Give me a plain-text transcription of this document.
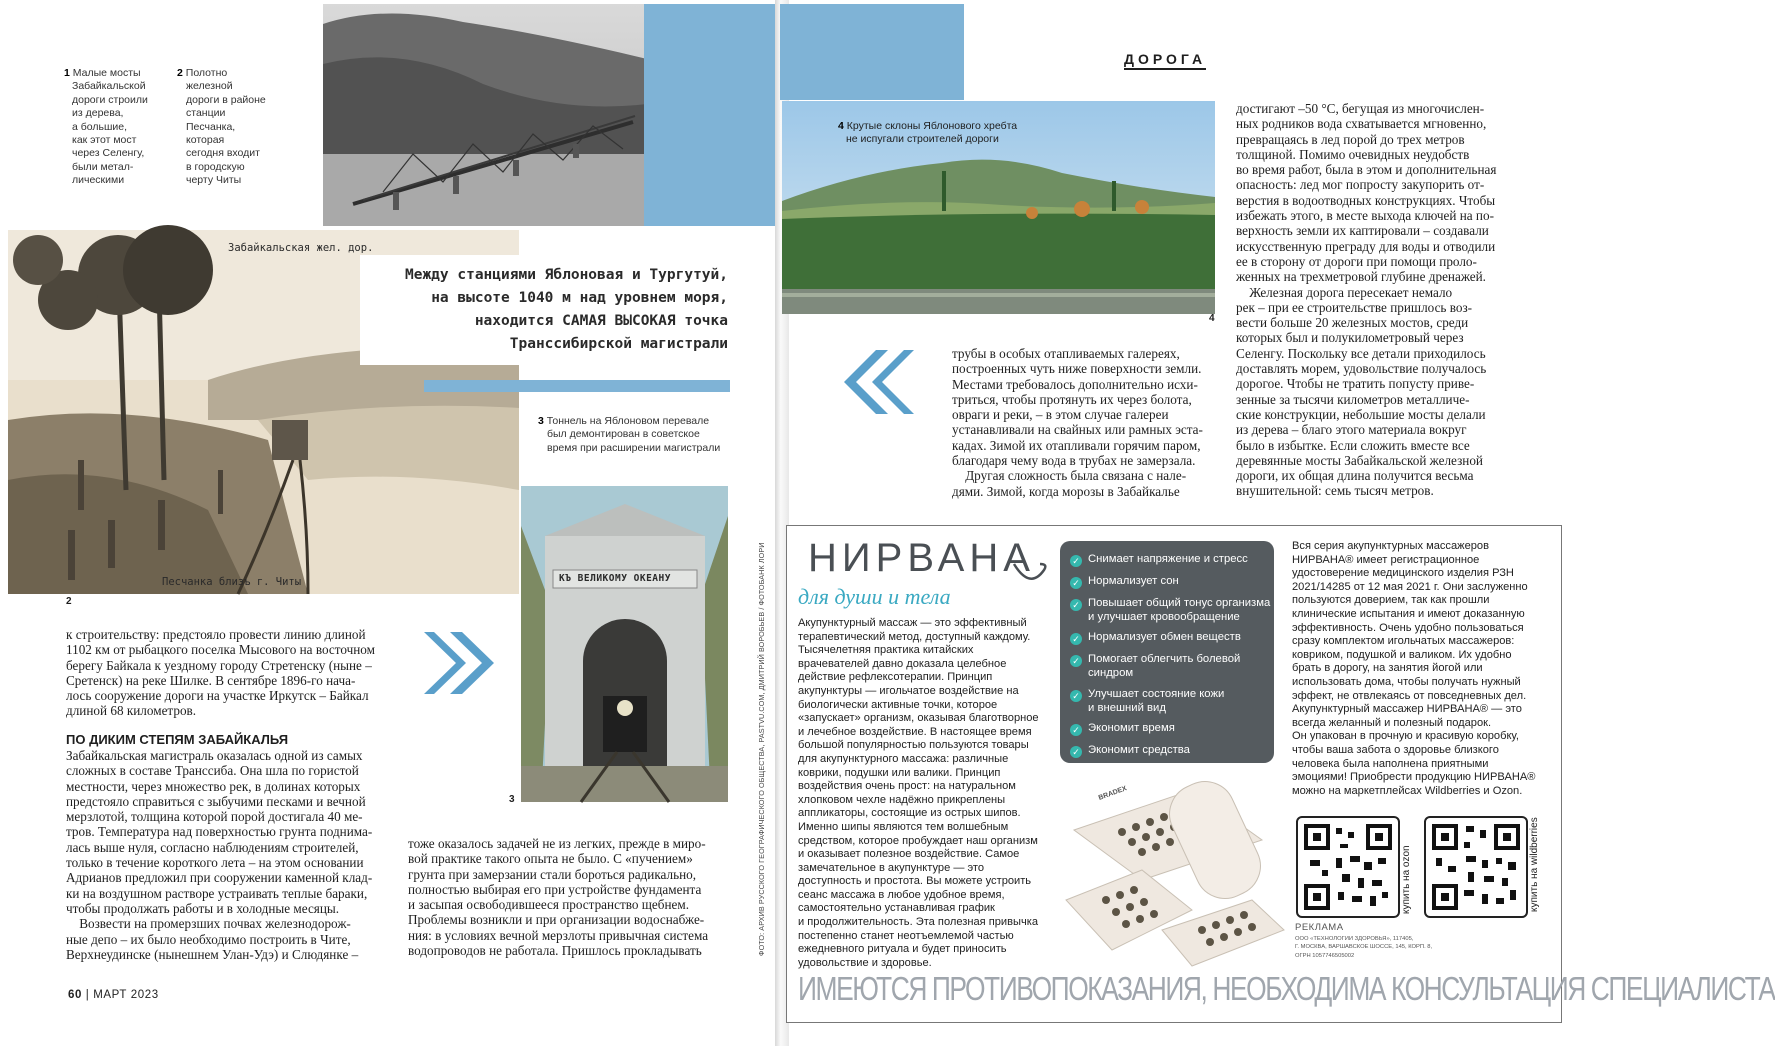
1 Малые мосты

Забайкальской

дороги строили

из дерева,

а большие,

как этот мост

через Селенгу,

были метал-

лическими

2 Полотно

железной

дороги в районе

станции

Песчанка,

которая

сегодня входит

в городскую

черту Читы

Забайкальская жел. дор.
Песчанка близъ г. Читы
2

Между станциями Яблоновая и Тургутуй,

на высоте 1040 м над уровнем моря,

находится САМАЯ ВЫСОКАЯ точка

Транссибирской магистрали

3 Тоннель на Яблоновом перевале

был демонтирован в советское

время при расширении магистрали

КЪ ВЕЛИКОМУ ОКЕАНУ
3	ФОТО: АРХИВ РУССКОГО ГЕОГРАФИЧЕСКОГО ОБЩЕСТВА, PASTVU.COM, ДМИТРИЙ ВОРОБЬЕВ / ФОТОБАНК ЛОРИ

к строительству: предстояло провести линию длиной

1102 км от рыбацкого поселка Мысового на восточном

берегу Байкала к уездному городу Стретенску (ныне –

Сретенск) на реке Шилке. В сентябре 1896-го нача-

лось сооружение дороги на участке Иркутск – Байкал

длиной 68 километров.

ПО ДИКИМ СТЕПЯМ ЗАБАЙКАЛЬЯ

Забайкальская магистраль оказалась одной из самых

сложных в составе Транссиба. Она шла по гористой

местности, через множество рек, в долинах которых

предстояло справиться с зыбучими песками и вечной

мерзлотой, толщина которой порой достигала 40 ме-

тров. Температура над поверхностью грунта поднима-

лась выше нуля, согласно наблюдениям строителей,

только в течение короткого лета – на этом основании

Адрианов предложил при сооружении каменной клад-

ки на воздушном растворе устраивать теплые бараки,

чтобы продолжать работы и в холодные месяцы.

Возвести на промерзших почвах железнодорож-

ные депо – их было необходимо построить в Чите,

Верхнеудинске (нынешнем Улан-Удэ) и Слюдянке –

тоже оказалось задачей не из легких, прежде в миро-

вой практике такого опыта не было. С «пучением»

грунта при замерзании стали бороться радикально,

полностью выбирая его при устройстве фундамента

и засыпая освободившееся пространство щебнем.

Проблемы возникли и при организации водоснабже-

ния: в условиях вечной мерзлоты привычная система

водопроводов не работала. Пришлось прокладывать

60 | МАРТ 2023
ДОРОГА
4

4 Крутые склоны Яблонового хребта

не испугали строителей дороги

трубы в особых отапливаемых галереях,

построенных чуть ниже поверхности земли.

Местами требовалось дополнительно исхи-

триться, чтобы протянуть их через болота,

овраги и реки, – в этом случае галереи

устанавливали на свайных или рамных эста-

кадах. Зимой их отапливали горячим паром,

благодаря чему вода в трубах не замерзала.

Другая сложность была связана с нале-

дями. Зимой, когда морозы в Забайкалье

достигают –50 °С, бегущая из многочислен-

ных родников вода схватывается мгновенно,

превращаясь в лед порой до трех метров

толщиной. Помимо очевидных неудобств

во время работ, была в этом и дополнительная

опасность: лед мог попросту закупорить от-

верстия в водоотводных конструкциях. Чтобы

избежать этого, в месте выхода ключей на по-

верхность земли их каптировали – создавали

искусственную преграду для воды и отводили

ее в сторону от дороги при помощи проло-

женных на трехметровой глубине дренажей.

Железная дорога пересекает немало

рек – при ее строительстве пришлось воз-

вести больше 20 железных мостов, среди

которых был и полукилометровый через

Селенгу. Поскольку все детали приходилось

доставлять морем, удовольствие получалось

дорогое. Чтобы не тратить попусту приве-

зенные за тысячи километров металличе-

ские конструкции, небольшие мосты делали

из дерева – благо этого материала вокруг

было в избытке. Если сложить вместе все

деревянные мосты Забайкальской железной

дороги, их общая длина получится весьма

внушительной: семь тысяч метров.

НИРВАНА
для души и тела

Акупунктурный массаж — это эффективный

терапевтический метод, доступный каждому.

Тысячелетняя практика китайских

врачевателей давно доказала целебное

действие рефлексотерапии. Принцип

акупунктуры — игольчатое воздействие на

биологически активные точки, которое

«запускает» организм, оказывая благотворное

и лечебное воздействие. В настоящее время

большой популярностью пользуются товары

для акупунктурного массажа: различные

коврики, подушки или валики. Принцип

воздействия очень прост: на натуральном

хлопковом чехле надёжно прикреплены

аппликаторы, состоящие из острых шипов.

Именно шипы являются тем волшебным

средством, которое пробуждает наш организм

и оказывает полезное воздействие. Самое

замечательное в акупунктуре — это

доступность и простота. Вы можете устроить

сеанс массажа в любое удобное время,

самостоятельно устанавливая график

и продолжительность. Эта полезная привычка

постепенно станет неотъемлемой частью

ежедневного ритуала и будет приносить

удовольствие и здоровье.

✓ Снимает напряжение и стресс
✓ Нормализует сон
✓ Повышает общий тонус организма
и улучшает кровообращение
✓ Нормализует обмен веществ
✓ Помогает облегчить болевой
синдром
✓ Улучшает состояние кожи
и внешний вид
✓ Экономит время
✓ Экономит средства
BRADEX

Вся серия акупунктурных массажеров

НИРВАНА® имеет регистрационное

удостоверение медицинского изделия РЗН

2021/14285 от 12 мая 2021 г. Они заслуженно

пользуются доверием, так как прошли

клинические испытания и имеют доказанную

эффективность. Очень удобно пользоваться

сразу комплектом игольчатых массажеров:

ковриком, подушкой и валиком. Их удобно

брать в дорогу, на занятия йогой или

использовать дома, чтобы получать нужный

эффект, не отвлекаясь от повседневных дел.

Акупунктурный массажер НИРВАНА® — это

всегда желанный и полезный подарок.

Он упакован в прочную и красивую коробку,

чтобы ваша забота о здоровье близкого

человека была наполнена приятными

эмоциями! Приобрести продукцию НИРВАНА®

можно на маркетплейсах Wildberries и Ozon.

купить на ozon	купить на wildberries
РЕКЛАМА

ООО «ТЕХНОЛОГИИ ЗДОРОВЬЯ», 117405,

Г. МОСКВА, ВАРШАВСКОЕ ШОССЕ, 145, КОРП. 8,

ОГРН 1057746505002

ИМЕЮТСЯ ПРОТИВОПОКАЗАНИЯ, НЕОБХОДИМА КОНСУЛЬТАЦИЯ СПЕЦИАЛИСТА
